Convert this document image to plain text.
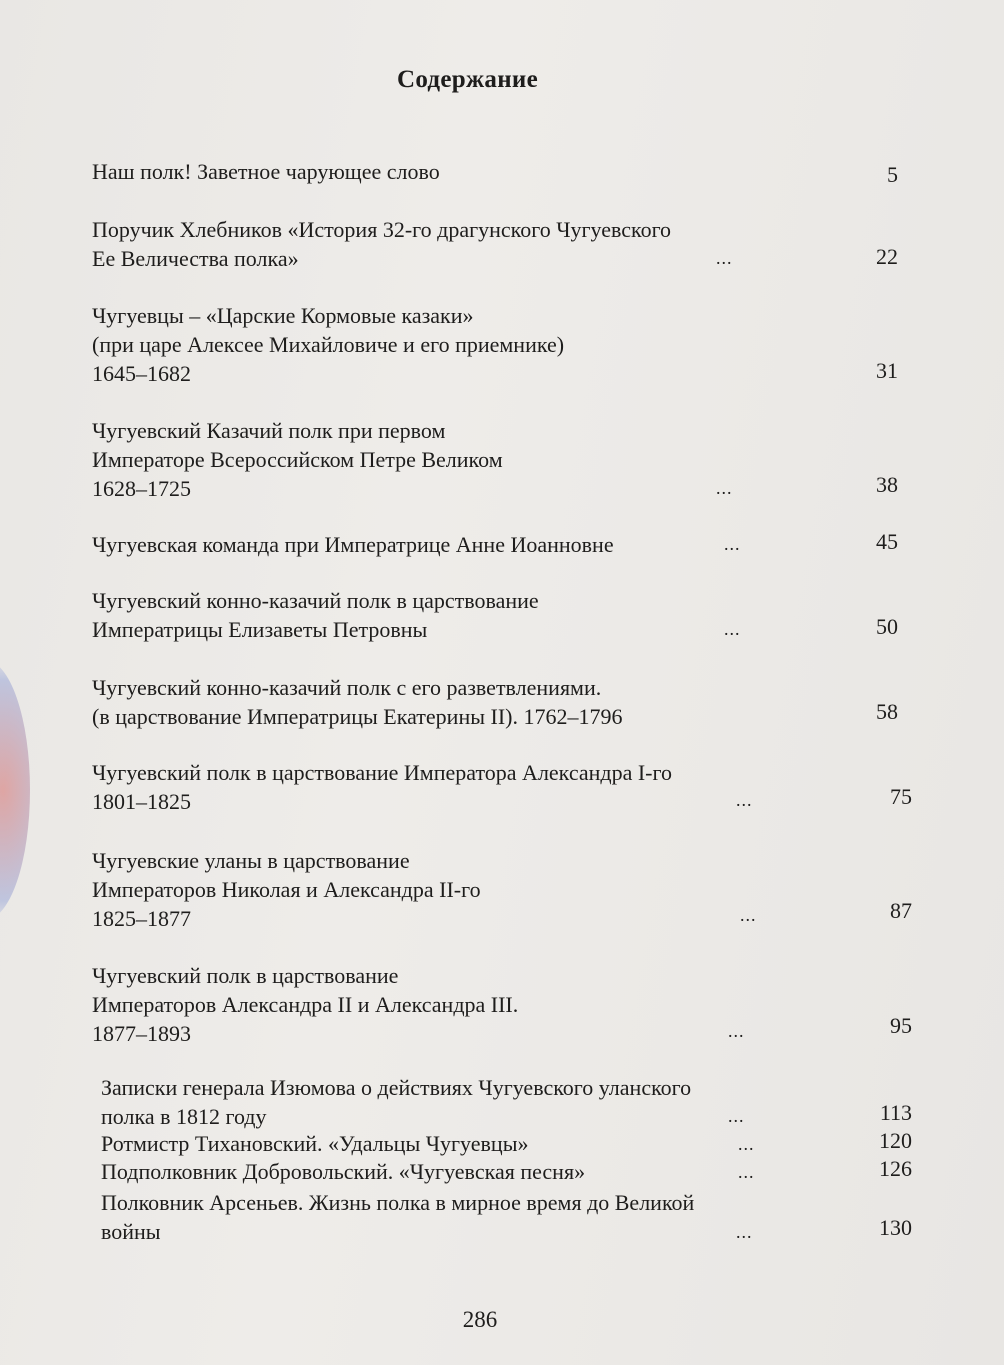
Содержание
Наш полк! Заветное чарующее слово	5
Поручик Хлебников «История 32-го драгунского Чугуевского
Ее Величества полка»	...	22
Чугуевцы – «Царские Кормовые казаки»
(при царе Алексее Михайловиче и его приемнике)
1645–1682	31
Чугуевский Казачий полк при первом
Императоре Всероссийском Петре Великом
1628–1725	...	38
Чугуевская команда при Императрице Анне Иоанновне	...	45
Чугуевский конно-казачий полк в царствование
Императрицы Елизаветы Петровны	...	50
Чугуевский конно-казачий полк с его разветвлениями.
(в царствование Императрицы Екатерины II). 1762–1796	58
Чугуевский полк в царствование Императора Александра I-го
1801–1825	...	75
Чугуевские уланы в царствование
Императоров Николая и Александра II-го
1825–1877	...	87
Чугуевский полк в царствование
Императоров Александра II и Александра III.
1877–1893	...	95
Записки генерала Изюмова о действиях Чугуевского уланского
полка в 1812 году	...	113
Ротмистр Тихановский. «Удальцы Чугуевцы»	...	120
Подполковник Добровольский. «Чугуевская песня»	...	126
Полковник Арсеньев. Жизнь полка в мирное время до Великой
войны	...	130
286
